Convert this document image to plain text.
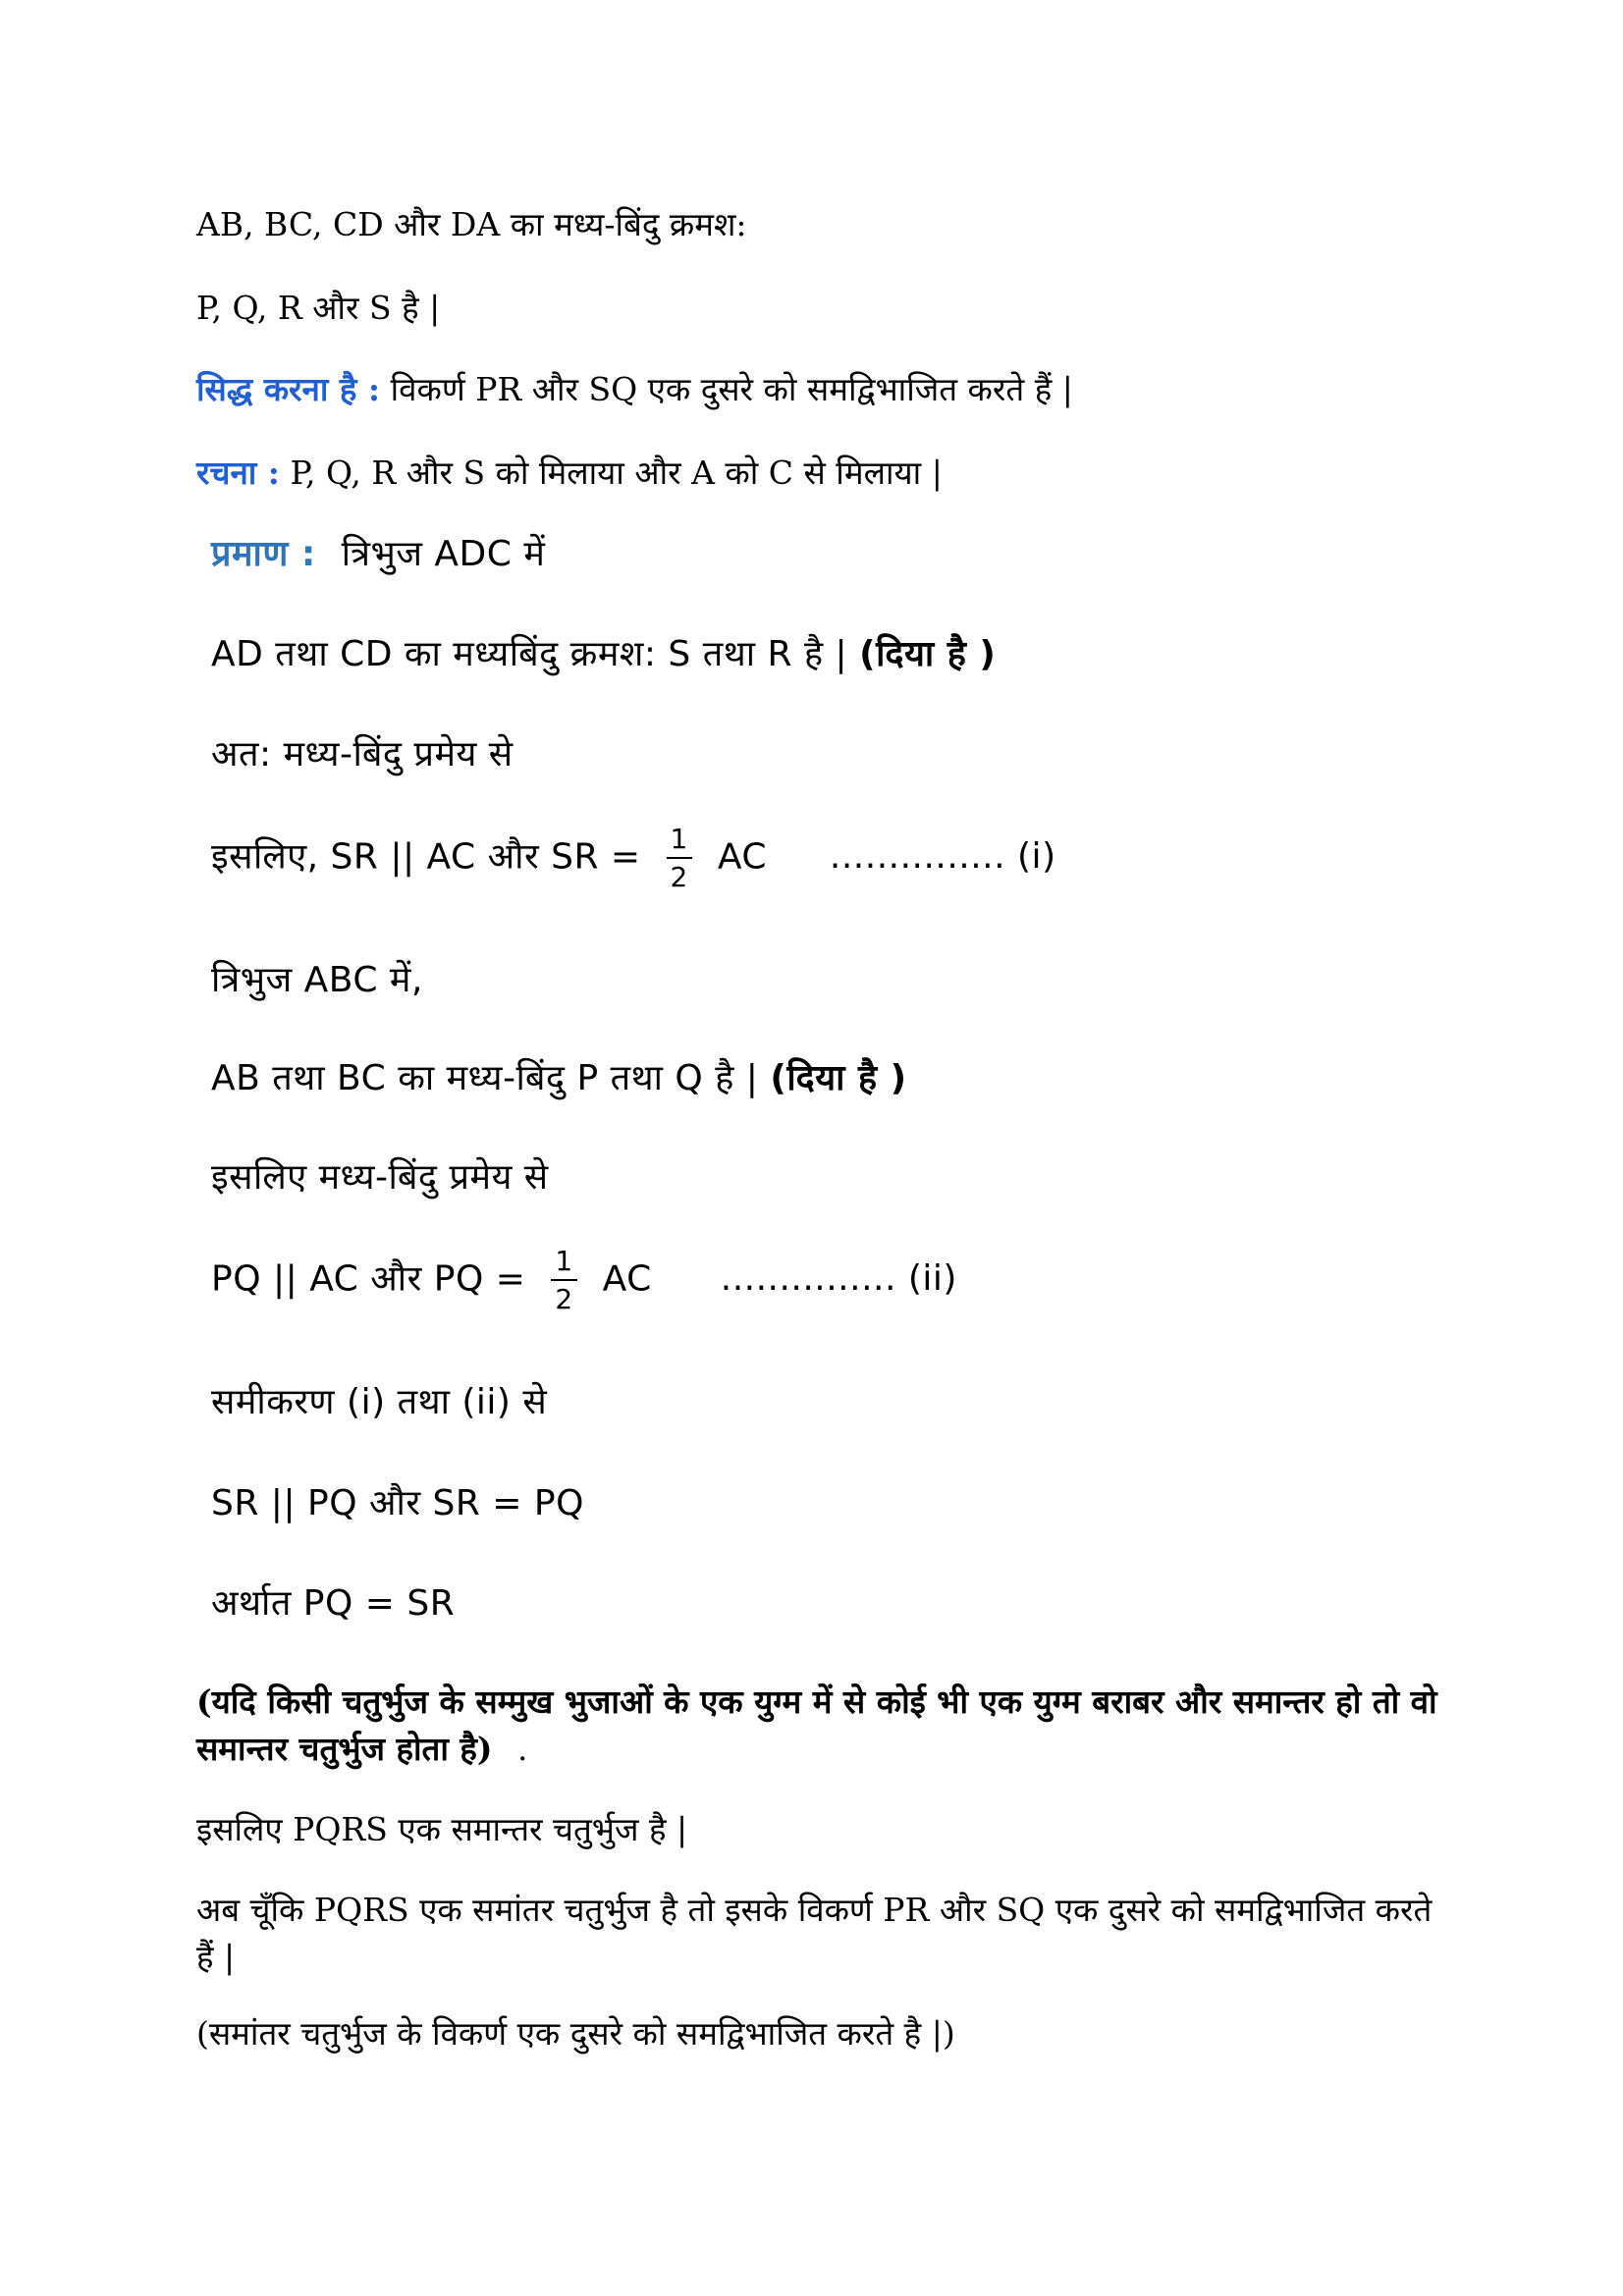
AB, BC, CD और DA का मध्य-बिंदु क्रमश:
P, Q, R और S है |
सिद्ध करना है : विकर्ण PR और SQ एक दुसरे को समद्विभाजित करते हैं |
रचना : P, Q, R और S को मिलाया और A को C से मिलाया |
प्रमाण : त्रिभुज ADC में
AD तथा CD का मध्यबिंदु क्रमश: S तथा R है | (दिया है )
अत: मध्य-बिंदु प्रमेय से
इसलिए, SR || AC और SR = $\frac{1}{2}$ AC ............... (i)
त्रिभुज ABC में,
AB तथा BC का मध्य-बिंदु P तथा Q है | (दिया है )
इसलिए मध्य-बिंदु प्रमेय से
PQ || AC और PQ = $\frac{1}{2}$ AC ............... (ii)
समीकरण (i) तथा (ii) से
SR || PQ और SR = PQ
अर्थात PQ = SR
(यदि किसी चतुर्भुज के सम्मुख भुजाओं के एक युग्म में से कोई भी एक युग्म बराबर और समान्तर हो तो वो समान्तर चतुर्भुज होता है) .
इसलिए PQRS एक समान्तर चतुर्भुज है |
अब चूँकि PQRS एक समांतर चतुर्भुज है तो इसके विकर्ण PR और SQ एक दुसरे को समद्विभाजित करते हैं |
(समांतर चतुर्भुज के विकर्ण एक दुसरे को समद्विभाजित करते है |)
